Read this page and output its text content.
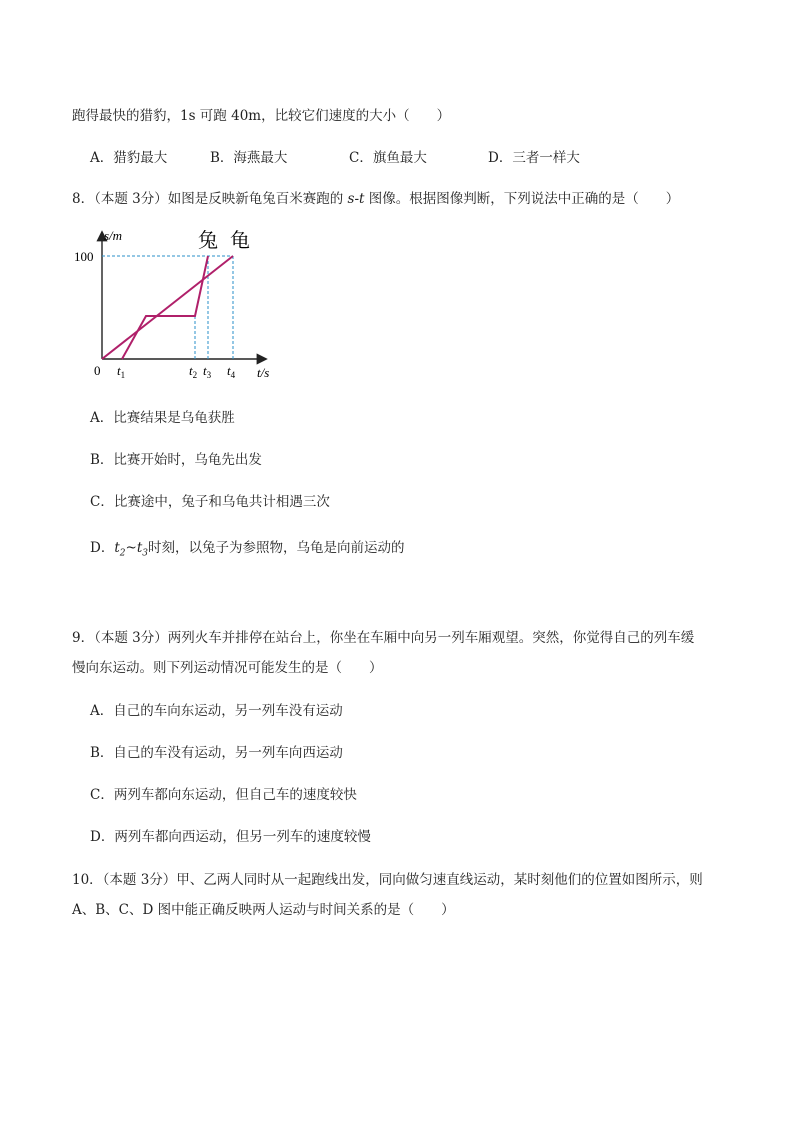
跑得最快的猎豹，1s 可跑 40m，比较它们速度的大小（　　）
A．猎豹最大	B．海燕最大	C．旗鱼最大	D．三者一样大
8．（本题 3分）如图是反映新龟兔百米赛跑的 s-t 图像。根据图像判断，下列说法中正确的是（　　）
s/m
100
0
兔 龟
$t_1$	$t_2$ $t_3$ $t_4$ t/s
A．比赛结果是乌龟获胜
B．比赛开始时，乌龟先出发
C．比赛途中，兔子和乌龟共计相遇三次
D．$t_2\sim t_3$时刻，以兔子为参照物，乌龟是向前运动的
9．（本题 3分）两列火车并排停在站台上，你坐在车厢中向另一列车厢观望。突然，你觉得自己的列车缓
慢向东运动。则下列运动情况可能发生的是（　　）
A．自己的车向东运动，另一列车没有运动
B．自己的车没有运动，另一列车向西运动
C．两列车都向东运动，但自己车的速度较快
D．两列车都向西运动，但另一列车的速度较慢
10．（本题 3分）甲、乙两人同时从一起跑线出发，同向做匀速直线运动，某时刻他们的位置如图所示，则
A、B、C、D 图中能正确反映两人运动与时间关系的是（　　）
